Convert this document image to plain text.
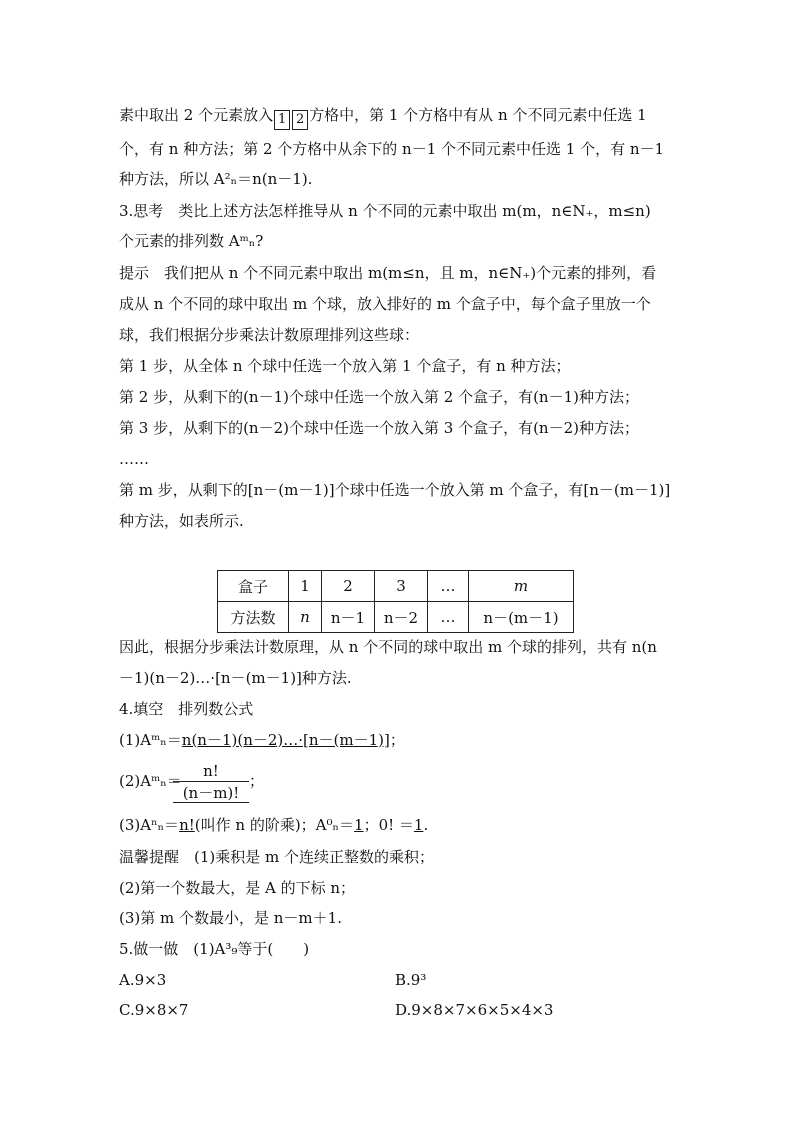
素中取出 2 个元素放入 1 2 方格中，第 1 个方格中有从 n 个不同元素中任选 1
个，有 n 种方法；第 2 个方格中从余下的 n－1 个不同元素中任选 1 个，有 n－1
种方法，所以 A²ₙ＝n(n－1).
3.思考　类比上述方法怎样推导从 n 个不同的元素中取出 m(m，n∈N₊，m≤n)
个元素的排列数 Aᵐₙ?
提示　我们把从 n 个不同元素中取出 m(m≤n，且 m，n∈N₊)个元素的排列，看
成从 n 个不同的球中取出 m 个球，放入排好的 m 个盒子中，每个盒子里放一个
球，我们根据分步乘法计数原理排列这些球：
第 1 步，从全体 n 个球中任选一个放入第 1 个盒子，有 n 种方法；
第 2 步，从剩下的(n－1)个球中任选一个放入第 2 个盒子，有(n－1)种方法；
第 3 步，从剩下的(n－2)个球中任选一个放入第 3 个盒子，有(n－2)种方法；
……
第 m 步，从剩下的[n－(m－1)]个球中任选一个放入第 m 个盒子，有[n－(m－1)]
种方法，如表所示.
盒子	1	2	3	…	m
方法数	n	n－1	n－2	…	n－(m－1)
因此，根据分步乘法计数原理，从 n 个不同的球中取出 m 个球的排列，共有 n(n
－1)(n－2)…·[n－(m－1)]种方法.
4.填空　排列数公式
(1)Aᵐₙ＝n(n－1)(n－2)…·[n－(m－1)]；
(2)Aᵐₙ＝
$\frac{n!}{(n-m)!}$ ；
(3)Aⁿₙ＝n!(叫作 n 的阶乘)；A⁰ₙ＝1；0! ＝1.
温馨提醒　(1)乘积是 m 个连续正整数的乘积；
(2)第一个数最大，是 A 的下标 n；
(3)第 m 个数最小，是 n－m＋1.
5.做一做　(1)A³₉等于(　　)
A.9×3	B.9³
C.9×8×7	D.9×8×7×6×5×4×3
